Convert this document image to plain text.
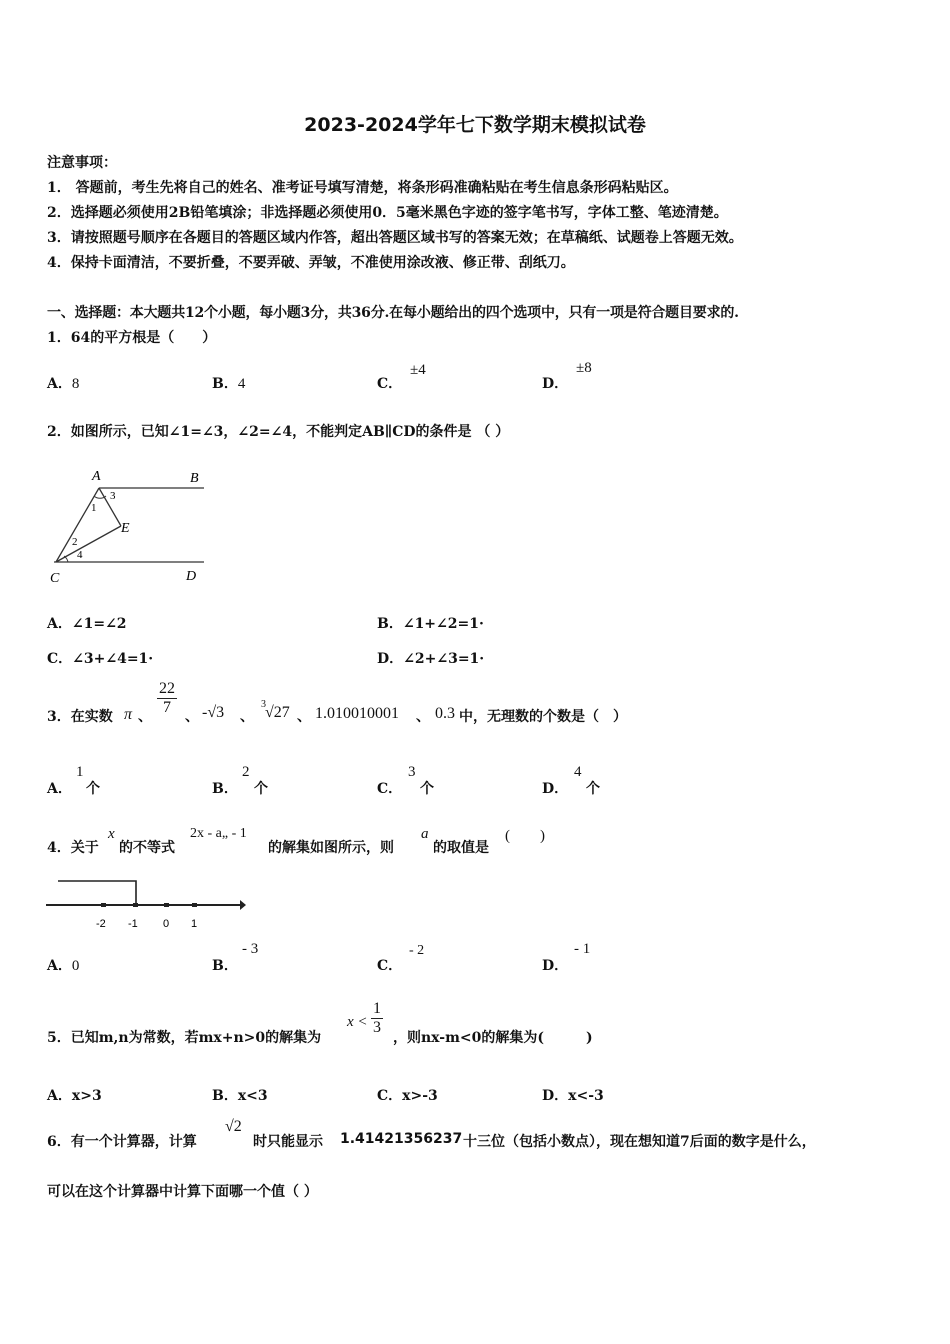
2023-2024学年七下数学期末模拟试卷
注意事项：
1． 答题前，考生先将自己的姓名、准考证号填写清楚，将条形码准确粘贴在考生信息条形码粘贴区。
2．选择题必须使用2B铅笔填涂；非选择题必须使用0．5毫米黑色字迹的签字笔书写，字体工整、笔迹清楚。
3．请按照题号顺序在各题目的答题区域内作答，超出答题区域书写的答案无效；在草稿纸、试题卷上答题无效。
4．保持卡面清洁，不要折叠，不要弄破、弄皱，不准使用涂改液、修正带、刮纸刀。
一、选择题：本大题共12个小题，每小题3分，共36分.在每小题给出的四个选项中，只有一项是符合题目要求的.
1．64的平方根是（　　）
A．8	B．4	C．
±4
D．
±8
2．如图所示，已知∠1=∠3，∠2=∠4，不能判定AB∥CD的条件是 （ ）
A	B
C	D
E
1
3
2
4
A．∠1=∠2	B．∠1+∠2=1·
C．∠3+∠4=1·	D．∠2+∠3=1·
3．在实数 π 、 $\frac{22}{7}$ 、 -√3 、
3 √27 、 1.010010001 、 0.3 中，无理数的个数是（　）
A．
1
个	B．
2
个	C．
3
个	D．
4
个
4．关于
x
的不等式
2x - a„ - 1
的解集如图所示，则
a
的取值是
(　　)
-2 -1 0 1
A．0	B．
- 3
C．
- 2
D．
- 1
5．已知m,n为常数，若mx+n>0的解集为
$x < \frac{1}{3}$
，则nx-m<0的解集为(　　　)
A．x>3	B．x<3	C．x>-3	D．x<-3
6．有一个计算器，计算
√2
时只能显示 1.41421356237 十三位（包括小数点），现在想知道7后面的数字是什么，
可以在这个计算器中计算下面哪一个值（ ）
